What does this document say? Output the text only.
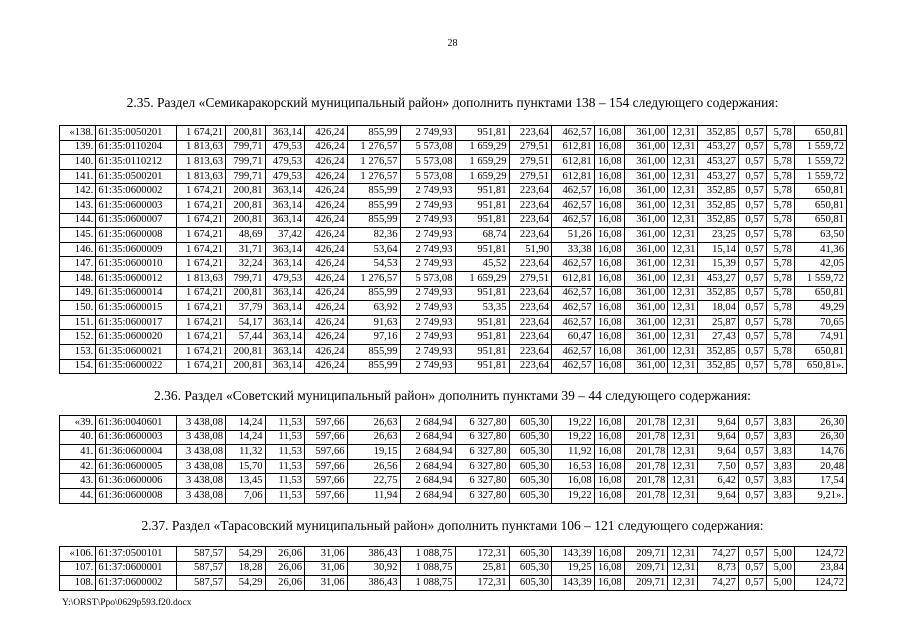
28
2.35. Раздел «Семикаракорский муниципальный район» дополнить пунктами 138 – 154 следующего содержания:
«138.	61:35:0050201	1 674,21	200,81	363,14	426,24	855,99	2 749,93	951,81	223,64	462,57	16,08	361,00	12,31	352,85	0,57	5,78	650,81
139.	61:35:0110204	1 813,63	799,71	479,53	426,24	1 276,57	5 573,08	1 659,29	279,51	612,81	16,08	361,00	12,31	453,27	0,57	5,78	1 559,72
140.	61:35:0110212	1 813,63	799,71	479,53	426,24	1 276,57	5 573,08	1 659,29	279,51	612,81	16,08	361,00	12,31	453,27	0,57	5,78	1 559,72
141.	61:35:0500201	1 813,63	799,71	479,53	426,24	1 276,57	5 573,08	1 659,29	279,51	612,81	16,08	361,00	12,31	453,27	0,57	5,78	1 559,72
142.	61:35:0600002	1 674,21	200,81	363,14	426,24	855,99	2 749,93	951,81	223,64	462,57	16,08	361,00	12,31	352,85	0,57	5,78	650,81
143.	61:35:0600003	1 674,21	200,81	363,14	426,24	855,99	2 749,93	951,81	223,64	462,57	16,08	361,00	12,31	352,85	0,57	5,78	650,81
144.	61:35:0600007	1 674,21	200,81	363,14	426,24	855,99	2 749,93	951,81	223,64	462,57	16,08	361,00	12,31	352,85	0,57	5,78	650,81
145.	61:35:0600008	1 674,21	48,69	37,42	426,24	82,36	2 749,93	68,74	223,64	51,26	16,08	361,00	12,31	23,25	0,57	5,78	63,50
146.	61:35:0600009	1 674,21	31,71	363,14	426,24	53,64	2 749,93	951,81	51,90	33,38	16,08	361,00	12,31	15,14	0,57	5,78	41,36
147.	61:35:0600010	1 674,21	32,24	363,14	426,24	54,53	2 749,93	45,52	223,64	462,57	16,08	361,00	12,31	15,39	0,57	5,78	42,05
148.	61:35:0600012	1 813,63	799,71	479,53	426,24	1 276,57	5 573,08	1 659,29	279,51	612,81	16,08	361,00	12,31	453,27	0,57	5,78	1 559,72
149.	61:35:0600014	1 674,21	200,81	363,14	426,24	855,99	2 749,93	951,81	223,64	462,57	16,08	361,00	12,31	352,85	0,57	5,78	650,81
150.	61:35:0600015	1 674,21	37,79	363,14	426,24	63,92	2 749,93	53,35	223,64	462,57	16,08	361,00	12,31	18,04	0,57	5,78	49,29
151.	61:35:0600017	1 674,21	54,17	363,14	426,24	91,63	2 749,93	951,81	223,64	462,57	16,08	361,00	12,31	25,87	0,57	5,78	70,65
152.	61:35:0600020	1 674,21	57,44	363,14	426,24	97,16	2 749,93	951,81	223,64	60,47	16,08	361,00	12,31	27,43	0,57	5,78	74,91
153.	61:35:0600021	1 674,21	200,81	363,14	426,24	855,99	2 749,93	951,81	223,64	462,57	16,08	361,00	12,31	352,85	0,57	5,78	650,81
154.	61:35:0600022	1 674,21	200,81	363,14	426,24	855,99	2 749,93	951,81	223,64	462,57	16,08	361,00	12,31	352,85	0,57	5,78	650,81».
2.36. Раздел «Советский муниципальный район» дополнить пунктами 39 – 44 следующего содержания:
«39.	61:36:0040601	3 438,08	14,24	11,53	597,66	26,63	2 684,94	6 327,80	605,30	19,22	16,08	201,78	12,31	9,64	0,57	3,83	26,30
40.	61:36:0600003	3 438,08	14,24	11,53	597,66	26,63	2 684,94	6 327,80	605,30	19,22	16,08	201,78	12,31	9,64	0,57	3,83	26,30
41.	61:36:0600004	3 438,08	11,32	11,53	597,66	19,15	2 684,94	6 327,80	605,30	11,92	16,08	201,78	12,31	9,64	0,57	3,83	14,76
42.	61:36:0600005	3 438,08	15,70	11,53	597,66	26,56	2 684,94	6 327,80	605,30	16,53	16,08	201,78	12,31	7,50	0,57	3,83	20,48
43.	61:36:0600006	3 438,08	13,45	11,53	597,66	22,75	2 684,94	6 327,80	605,30	16,08	16,08	201,78	12,31	6,42	0,57	3,83	17,54
44.	61:36:0600008	3 438,08	7,06	11,53	597,66	11,94	2 684,94	6 327,80	605,30	19,22	16,08	201,78	12,31	9,64	0,57	3,83	9,21».
2.37. Раздел «Тарасовский муниципальный район» дополнить пунктами 106 – 121 следующего содержания:
«106.	61:37:0500101	587,57	54,29	26,06	31,06	386,43	1 088,75	172,31	605,30	143,39	16,08	209,71	12,31	74,27	0,57	5,00	124,72
107.	61:37:0600001	587,57	18,28	26,06	31,06	30,92	1 088,75	25,81	605,30	19,25	16,08	209,71	12,31	8,73	0,57	5,00	23,84
108.	61:37:0600002	587,57	54,29	26,06	31,06	386,43	1 088,75	172,31	605,30	143,39	16,08	209,71	12,31	74,27	0,57	5,00	124,72
Y:\ORST\Ppo\0629p593.f20.docx
